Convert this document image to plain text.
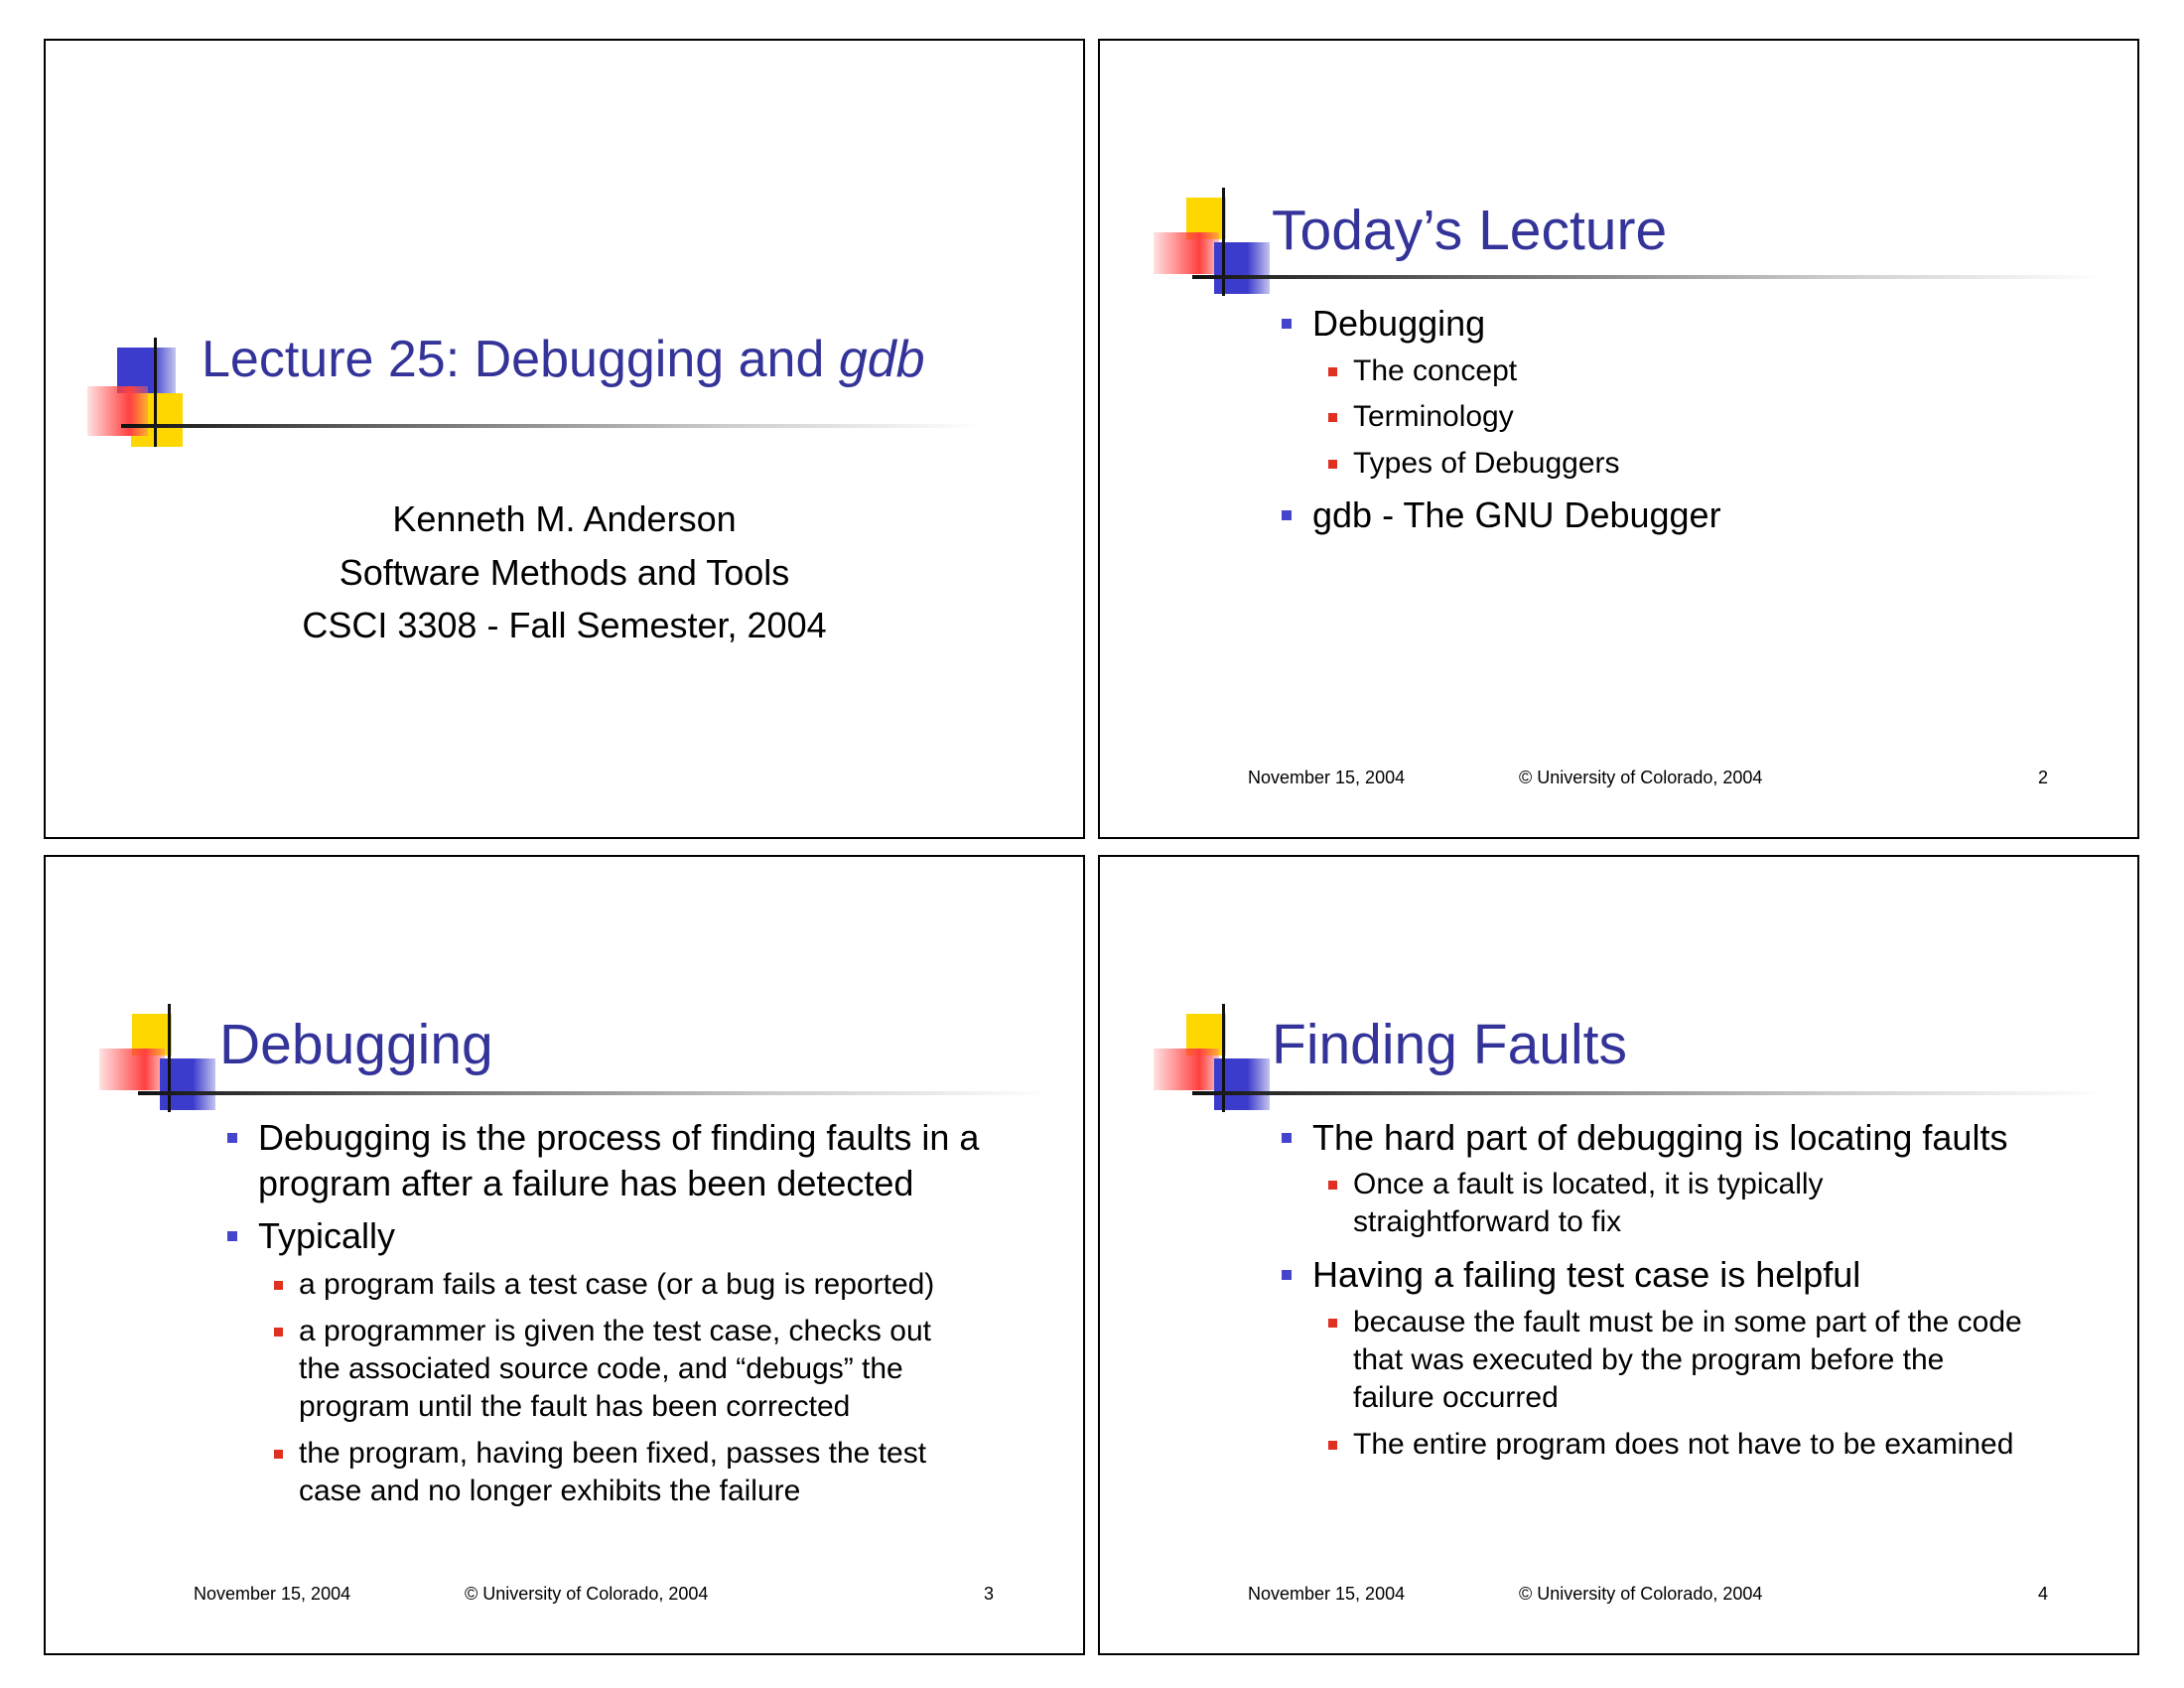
Lecture 25: Debugging and gdb
Kenneth M. Anderson
Software Methods and Tools
CSCI 3308 - Fall Semester, 2004
Today’s Lecture
Debugging
The concept
Terminology
Types of Debuggers
gdb - The GNU Debugger
November 15, 2004	© University of Colorado, 2004	2
Debugging
Debugging is the process of finding faults in a
program after a failure has been detected
Typically
a program fails a test case (or a bug is reported)
a programmer is given the test case, checks out
the associated source code, and “debugs” the
program until the fault has been corrected
the program, having been fixed, passes the test
case and no longer exhibits the failure
November 15, 2004	© University of Colorado, 2004	3
Finding Faults
The hard part of debugging is locating faults
Once a fault is located, it is typically
straightforward to fix
Having a failing test case is helpful
because the fault must be in some part of the code
that was executed by the program before the
failure occurred
The entire program does not have to be examined
November 15, 2004	© University of Colorado, 2004	4
